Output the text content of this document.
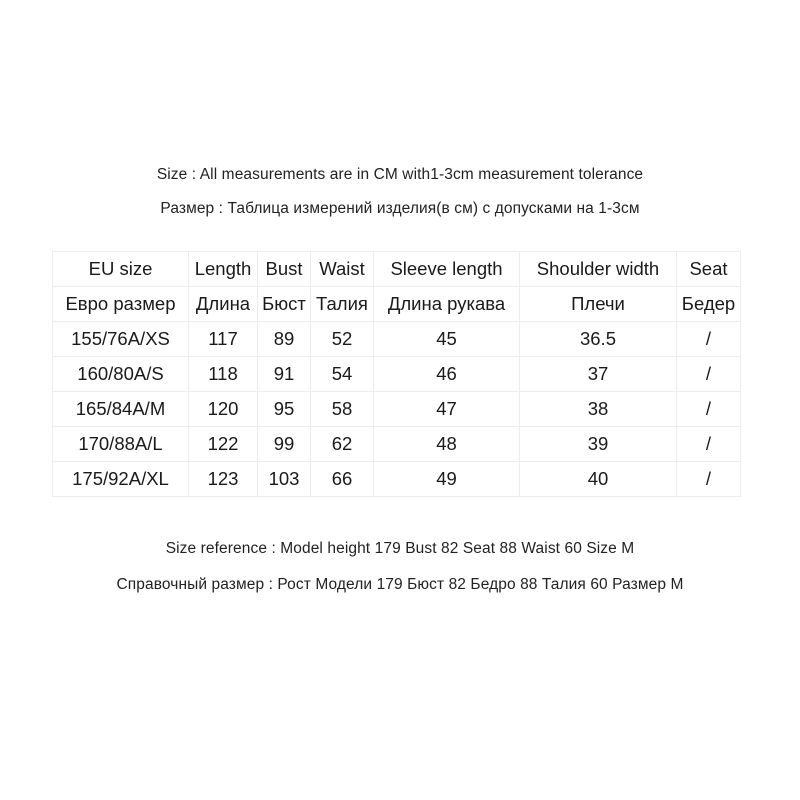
Size : All measurements are in CM with1-3cm measurement tolerance
Размер : Таблица измерений изделия(в см) с допусками на 1-3см
EU size	Length	Bust	Waist	Sleeve length	Shoulder width	Seat
Евро размер	Длина	Бюст	Талия	Длина рукава	Плечи	Бедер
155/76A/XS	117	89	52	45	36.5	/
160/80A/S	118	91	54	46	37	/
165/84A/M	120	95	58	47	38	/
170/88A/L	122	99	62	48	39	/
175/92A/XL	123	103	66	49	40	/
Size reference : Model height 179 Bust 82 Seat 88 Waist 60 Size M
Справочный размер : Рост Модели 179 Бюст 82 Бедро 88 Талия 60 Размер M
